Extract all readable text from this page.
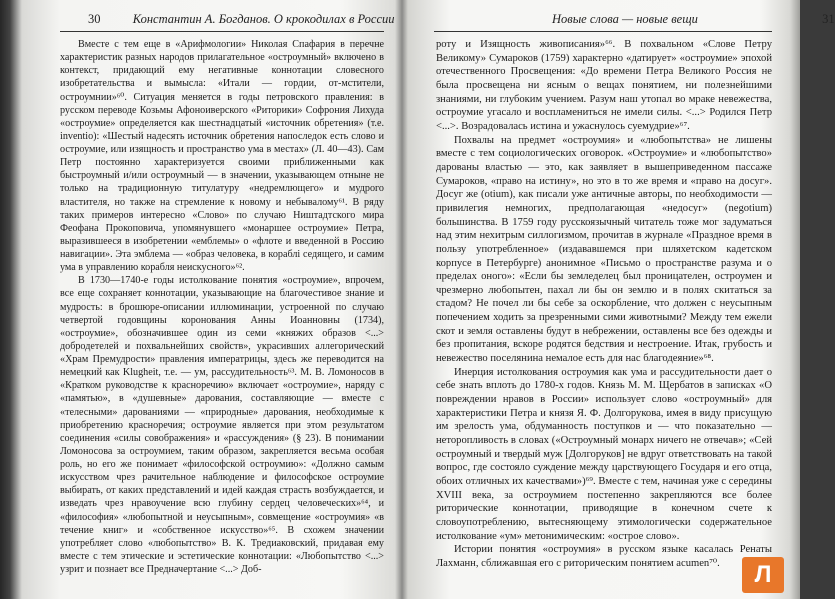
30	Константин А. Богданов. О крокодилах в России

Вместе с тем еще в «Арифмологии» Николая Спафария в перечне характеристик разных народов прилагательное «остроумный» включено в контекст, придающий ему негативные коннотации словесного изобретательства и вымысла: «Итали — гордии, от-мстители, остроумнии»⁶⁰. Ситуация меняется в годы петровского правления: в русском переводе Козьмы Афоноиверского «Риторики» Софрония Лихуда «остроумие» определяется как шестнадцатый «источник обретения» (т.е. inventio): «Шестый надесять источник обретения напоследок есть слово и остроумие, или изящность и пространство ума в местах» (Л. 40—43). Сам Петр постоянно характеризуется своими приближенными как быстроумный и/или остроумный — в значении, указывающем отныне не только на традиционную титулатуру «недремлющего» и мудрого властителя, но также на стремление к новому и небывалому⁶¹. В ряду таких примеров интересно «Слово» по случаю Ништадтского мира Феофана Прокоповича, упомянувшего «монаршее остроумие» Петра, выразившееся в изобретении «емблемы» о «флоте и введенной в Россию навигации». Эта эмблема — «образ человека, в кораблі седящего, и самим ума в управлению корабля неискусного»⁶².

В 1730—1740-е годы истолкование понятия «остроумие», впрочем, все еще сохраняет коннотации, указывающие на благочестивое знание и мудрость: в брошюре-описании иллюминации, устроенной по случаю четвертой годовщины коронования Анны Иоанновны (1734), «остроумие», обозначившее один из семи «княжих образов <...> добродетелей и похвальнейших свойств», украсивших аллегорический «Храм Премудрости» правления императрицы, здесь же переводится на немецкий как Klugheit, т.е. — ум, рассудительность⁶³. М. В. Ломоносов в «Кратком руководстве к красноречию» включает «остроумие», наряду с «памятью», в «душевные» дарования, составляющие — вместе с «телесными» дарованиями — «природные» дарования, необходимые к приобретению красноречия; остроумие является при этом результатом соединения «силы совображения» и «рассуждения» (§ 23). В понимании Ломоносова за остроумием, таким образом, закрепляется весьма особая роль, но его же понимает «философской остроумию»: «Должно самым искусством чрез рачительное наблюдение и философское остроумие выбирать, от каких представлений и идей каждая страсть возбуждается, и изведать чрез нравоучение всю глубину сердец человеческих»⁶⁴, и «философия» «любопытной и неусыпным», совмещение «остроумия» «в течение книг» и «собственное искусство»⁶⁵. В схожем значении употребляет слово «любопытство» В. К. Тредиаковский, придавая ему вместе с тем этические и эстетические коннотации: «Любопытство <...> узрит и познает все Предначертание <...> Доб-

Новые слова — новые вещи	31

роту и Изящность живописания»⁶⁶. В похвальном «Слове Петру Великому» Сумароков (1759) характерно «датирует» «остроумие» эпохой отечественного Просвещения: «До времени Петра Великого Россия не была просвещена ни ясным о вещах понятием, ни полезнейшими знаниями, ни глубоким учением. Разум наш утопал во мраке невежества, остроумие угасало и воспламениться не имели силы. <...> Родился Петр <...>. Возрадовалась истина и ужаснулось суемудрие»⁶⁷.

Похвалы на предмет «остроумия» и «любопытства» не лишены вместе с тем социологических оговорок. «Остроумие» и «любопытство» дарованы властью — это, как заявляет в вышеприведенном пассаже Сумароков, «право на истину», но это в то же время и «право на досуг». Досуг же (otium), как писали уже античные авторы, по необходимости — привилегия немногих, предполагающая «недосуг» (negotium) большинства. В 1759 году русскоязычный читатель тоже мог задуматься над этим нехитрым силлогизмом, прочитав в журнале «Праздное время в пользу употребленное» (издававшемся при шляхетском кадетском корпусе в Петербурге) анонимное «Письмо о пространстве разума и о пределах оного»: «Если бы земледелец был проницателен, остроумен и чрезмерно любопытен, пахал ли бы он землю и в полях скитаться за стадом? Не почел ли бы себе за оскорбление, что должен с неусыпным попечением ходить за презренными сими животными? Между тем ежели скот и земля оставлены будут в небрежении, оставлены все без одежды и без пропитания, вскоре родятся бедствия и нестроение. Итак, грубость и невежество поселянина немалое есть для нас благодеяние»⁶⁸.

Инерция истолкования остроумия как ума и рассудительности дает о себе знать вплоть до 1780-х годов. Князь М. М. Щербатов в записках «О повреждении нравов в России» использует слово «остроумный» для характеристики Петра и князя Я. Ф. Долгорукова, имея в виду присущую им зрелость ума, обдуманность поступков и — что показательно — неторопливость в словах («Остроумный монарх ничего не отвечав»; «Сей остроумный и твердый муж [Долгоруков] не вдруг ответствовать на такой вопрос, где состояло суждение между царствующего Государя и его отца, обоих отличных их качествами»)⁶⁹. Вместе с тем, начиная уже с середины XVIII века, за остроумием постепенно закрепляются все более риторические коннотации, приводящие в конечном счете к словоупотреблению, вытесняющему этимологически содержательное истолкование «ум» метонимическим: «острое слово».

Истории понятия «остроумия» в русском языке касалась Ренаты Лахманн, сближавшая его с риторическим понятием acumen⁷⁰.	Л
